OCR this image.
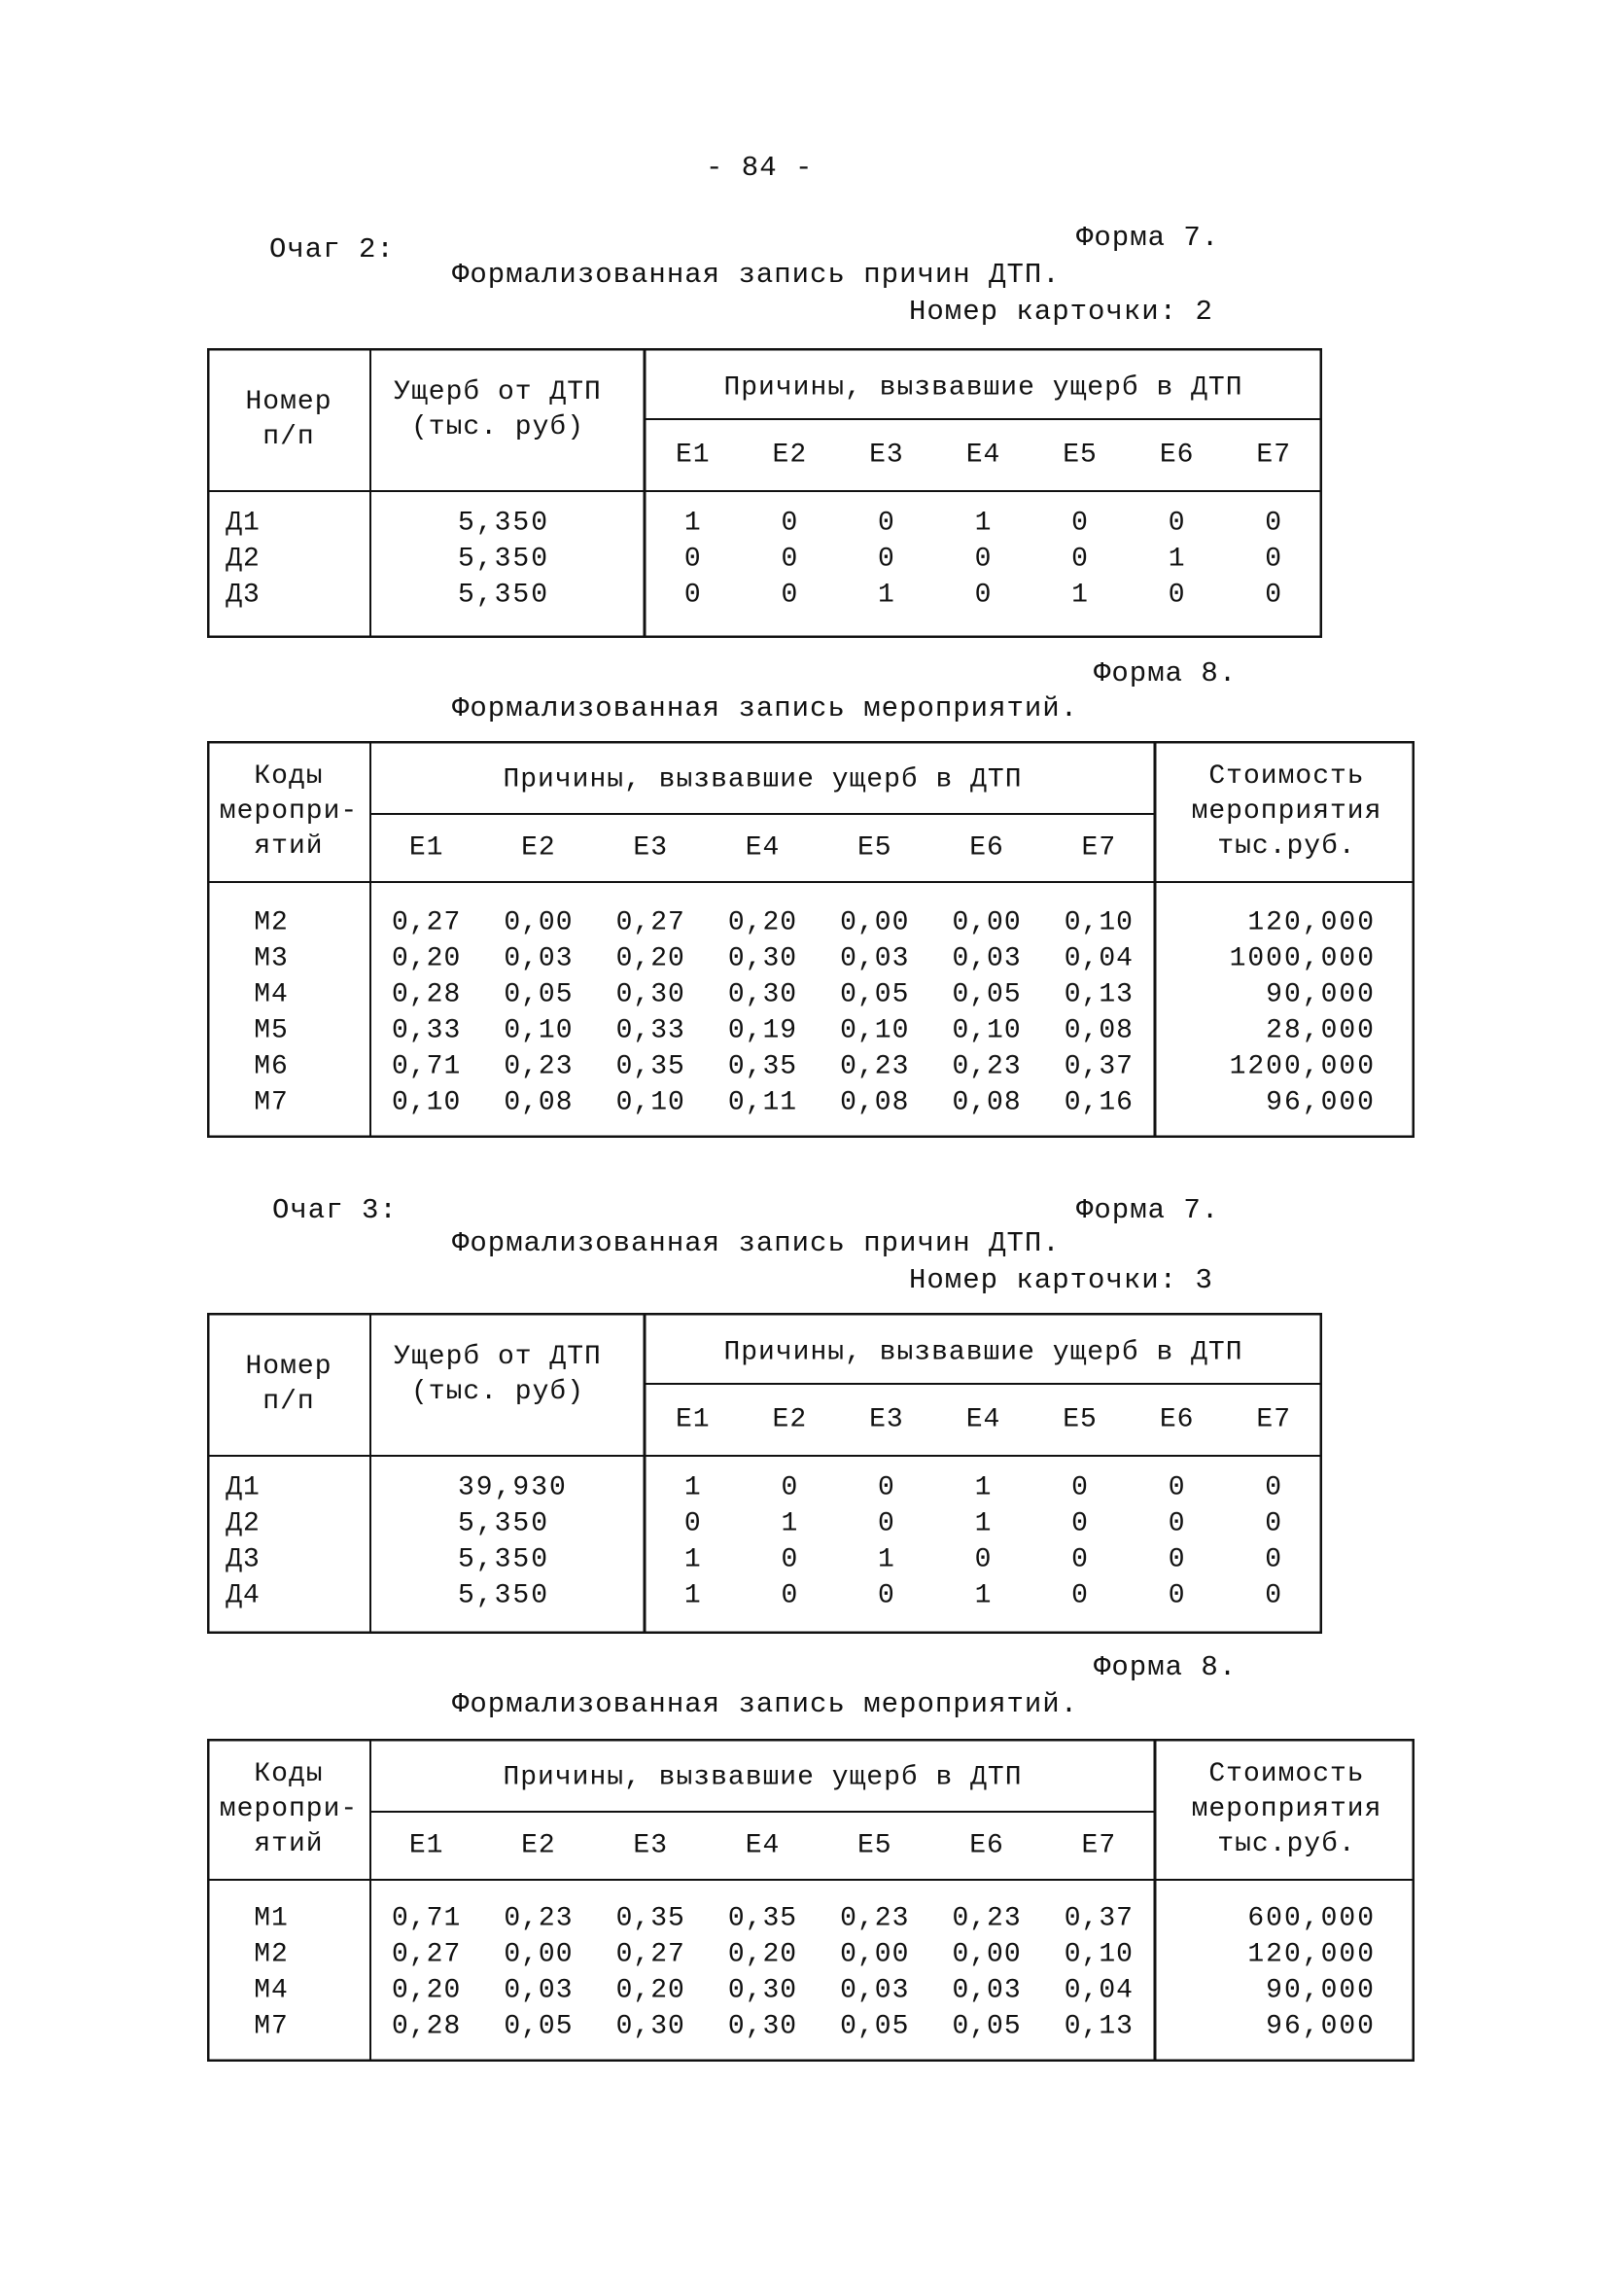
- 84 -
Очаг 2:	Форма 7.
Формализованная запись причин ДТП.
Номер карточки: 2
Номер
п/п
Ущерб от ДТП
(тыс. руб)
Причины, вызвавшие ущерб в ДТП
Е1 Е2 Е3 Е4 Е5 Е6 Е7
Д1	5,350	1	0	0	1	0	0	0
Д2	5,350	0	0	0	0	0	1	0
Д3	5,350	0	0	1	0	1	0	0
Форма 8.
Формализованная запись мероприятий.
Коды
меропри-
ятий
Причины, вызвавшие ущерб в ДТП	Стоимость
мероприятия
тыс.руб.
Е1	Е2	Е3	Е4	Е5	Е6	Е7
М2	0,27 0,00 0,27 0,20 0,00 0,00 0,10	120,000
М3	0,20 0,03 0,20 0,30 0,03 0,03 0,04	1000,000
М4	0,28 0,05 0,30 0,30 0,05 0,05 0,13	90,000
М5	0,33 0,10 0,33 0,19 0,10 0,10 0,08	28,000
М6	0,71 0,23 0,35 0,35 0,23 0,23 0,37	1200,000
М7	0,10 0,08 0,10 0,11 0,08 0,08 0,16	96,000
Очаг 3:	Форма 7.
Формализованная запись причин ДТП.
Номер карточки: 3
Номер
п/п
Ущерб от ДТП
(тыс. руб)
Причины, вызвавшие ущерб в ДТП
Е1 Е2 Е3 Е4 Е5 Е6 Е7
Д1	39,930	1	0	0	1	0	0	0
Д2	5,350	0	1	0	1	0	0	0
Д3	5,350	1	0	1	0	0	0	0
Д4	5,350	1	0	0	1	0	0	0
Форма 8.
Формализованная запись мероприятий.
Коды
меропри-
ятий
Причины, вызвавшие ущерб в ДТП	Стоимость
мероприятия
тыс.руб.
Е1	Е2	Е3	Е4	Е5	Е6	Е7
М1	0,71 0,23 0,35 0,35 0,23 0,23 0,37	600,000
М2	0,27 0,00 0,27 0,20 0,00 0,00 0,10	120,000
М4	0,20 0,03 0,20 0,30 0,03 0,03 0,04	90,000
М7	0,28 0,05 0,30 0,30 0,05 0,05 0,13	96,000
